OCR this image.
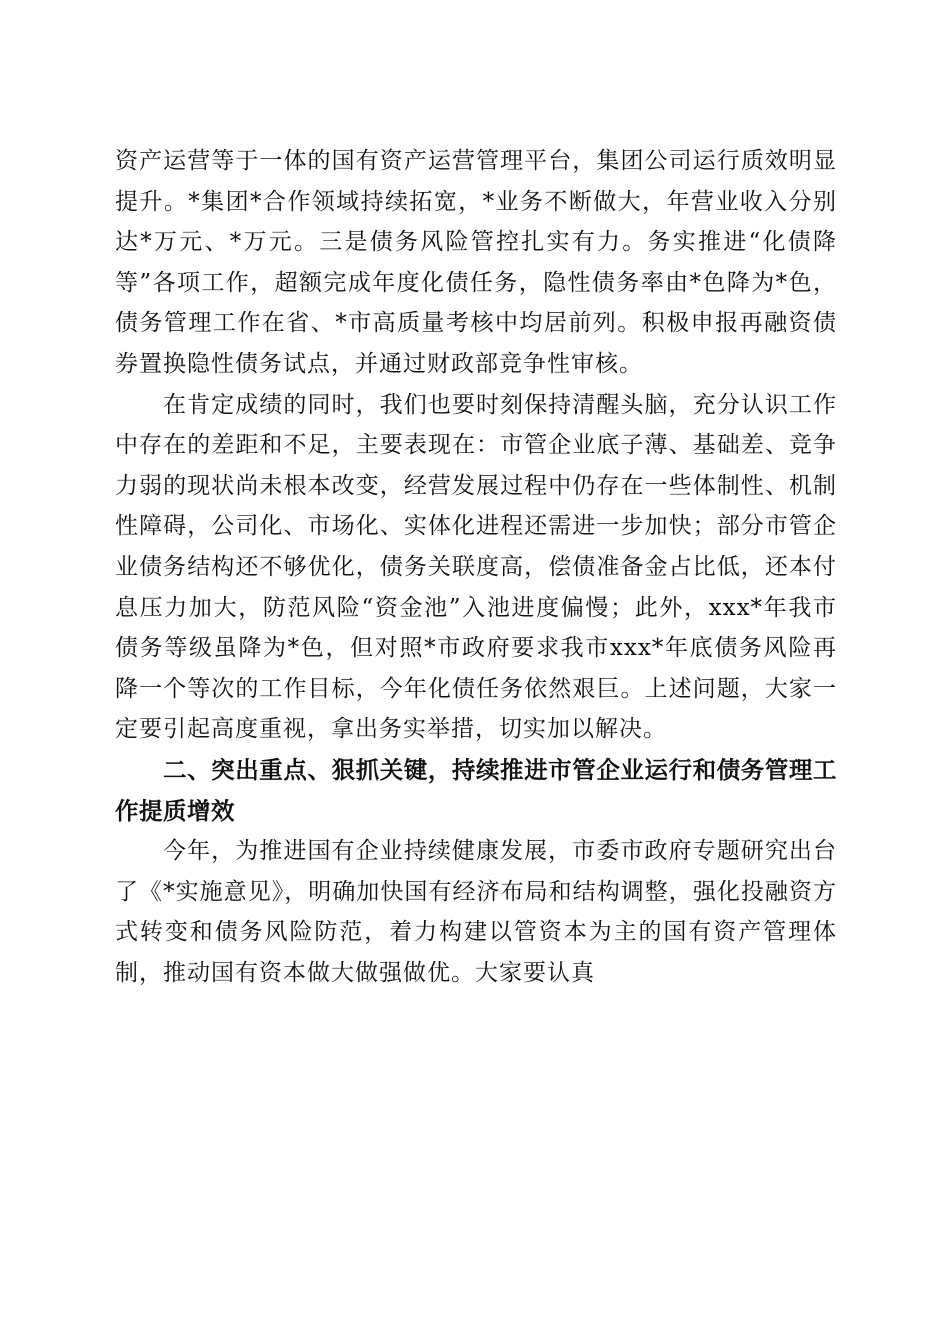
资产运营等于一体的国有资产运营管理平台，集团公司运行质效明显提升。*集团*合作领域持续拓宽，*业务不断做大，年营业收入分别达*万元、*万元。三是债务风险管控扎实有力。务实推进“化债降等”各项工作，超额完成年度化债任务，隐性债务率由*色降为*色，债务管理工作在省、*市高质量考核中均居前列。积极申报再融资债券置换隐性债务试点，并通过财政部竞争性审核。

在肯定成绩的同时，我们也要时刻保持清醒头脑，充分认识工作中存在的差距和不足，主要表现在：市管企业底子薄、基础差、竞争力弱的现状尚未根本改变，经营发展过程中仍存在一些体制性、机制性障碍，公司化、市场化、实体化进程还需进一步加快；部分市管企业债务结构还不够优化，债务关联度高，偿债准备金占比低，还本付息压力加大，防范风险“资金池”入池进度偏慢；此外，xxx*年我市债务等级虽降为*色，但对照*市政府要求我市xxx*年底债务风险再降一个等次的工作目标，今年化债任务依然艰巨。上述问题，大家一定要引起高度重视，拿出务实举措，切实加以解决。

二、突出重点、狠抓关键，持续推进市管企业运行和债务管理工作提质增效

今年，为推进国有企业持续健康发展，市委市政府专题研究出台了《*实施意见》，明确加快国有经济布局和结构调整，强化投融资方式转变和债务风险防范，着力构建以管资本为主的国有资产管理体制，推动国有资本做大做强做优。大家要认真
